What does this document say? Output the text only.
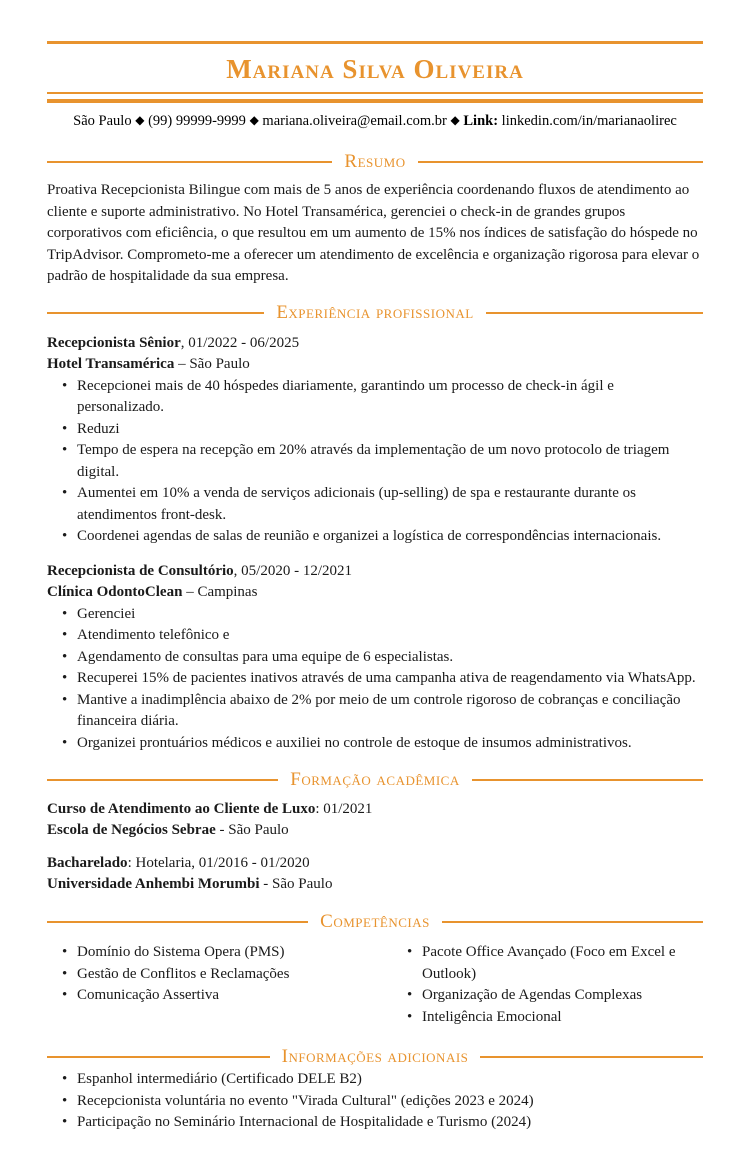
Mariana Silva Oliveira
São Paulo ◆ (99) 99999-9999 ◆ mariana.oliveira@email.com.br ◆ Link: linkedin.com/in/marianaolirec
Resumo

Proativa Recepcionista Bilingue com mais de 5 anos de experiência coordenando fluxos de atendimento ao cliente e suporte administrativo. No Hotel Transamérica, gerenciei o check-in de grandes grupos corporativos com eficiência, o que resultou em um aumento de 15% nos índices de satisfação do hóspede no TripAdvisor. Comprometo-me a oferecer um atendimento de excelência e organização rigorosa para elevar o padrão de hospitalidade da sua empresa.

Experiência profissional

Recepcionista Sênior, 01/2022 - 06/2025

Hotel Transamérica – São Paulo

• Recepcionei mais de 40 hóspedes diariamente, garantindo um processo de check-in ágil e personalizado.
• Reduzi
• Tempo de espera na recepção em 20% através da implementação de um novo protocolo de triagem digital.
• Aumentei em 10% a venda de serviços adicionais (up-selling) de spa e restaurante durante os atendimentos front-desk.
• Coordenei agendas de salas de reunião e organizei a logística de correspondências internacionais.

Recepcionista de Consultório, 05/2020 - 12/2021

Clínica OdontoClean – Campinas

• Gerenciei
• Atendimento telefônico e
• Agendamento de consultas para uma equipe de 6 especialistas.
• Recuperei 15% de pacientes inativos através de uma campanha ativa de reagendamento via WhatsApp.
• Mantive a inadimplência abaixo de 2% por meio de um controle rigoroso de cobranças e conciliação financeira diária.
• Organizei prontuários médicos e auxiliei no controle de estoque de insumos administrativos.
Formação acadêmica

Curso de Atendimento ao Cliente de Luxo: 01/2021

Escola de Negócios Sebrae - São Paulo

Bacharelado: Hotelaria, 01/2016 - 01/2020

Universidade Anhembi Morumbi - São Paulo

Competências
• Domínio do Sistema Opera (PMS)
• Gestão de Conflitos e Reclamações
• Comunicação Assertiva
• Pacote Office Avançado (Foco em Excel e Outlook)
• Organização de Agendas Complexas
• Inteligência Emocional
Informações adicionais
• Espanhol intermediário (Certificado DELE B2)
• Recepcionista voluntária no evento "Virada Cultural" (edições 2023 e 2024)
• Participação no Seminário Internacional de Hospitalidade e Turismo (2024)
